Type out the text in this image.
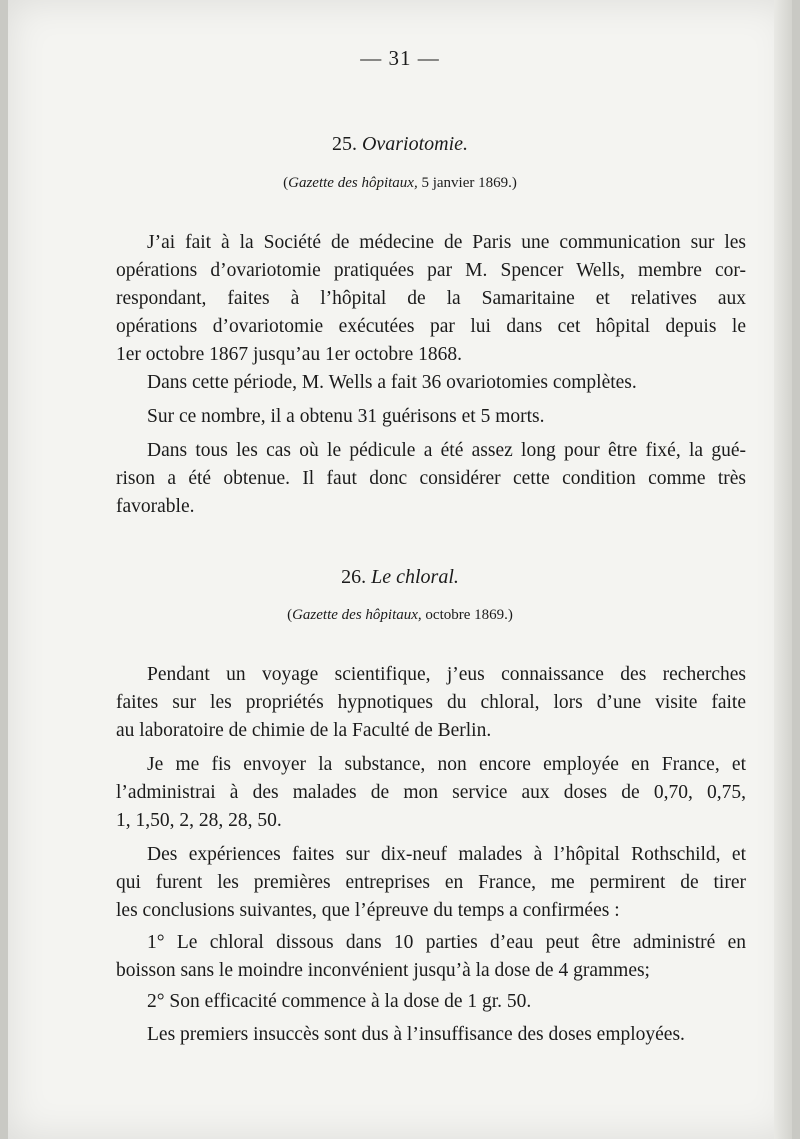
— 31 —
25. Ovariotomie.
(Gazette des hôpitaux, 5 janvier 1869.)
J’ai fait à la Société de médecine de Paris une communication sur les
opérations d’ovariotomie pratiquées par M. Spencer Wells, membre cor-
respondant, faites à l’hôpital de la Samaritaine et relatives aux
opérations d’ovariotomie exécutées par lui dans cet hôpital depuis le
1er octobre 1867 jusqu’au 1er octobre 1868.
Dans cette période, M. Wells a fait 36 ovariotomies complètes.
Sur ce nombre, il a obtenu 31 guérisons et 5 morts.
Dans tous les cas où le pédicule a été assez long pour être fixé, la gué-
rison a été obtenue. Il faut donc considérer cette condition comme très
favorable.
26. Le chloral.
(Gazette des hôpitaux, octobre 1869.)
Pendant un voyage scientifique, j’eus connaissance des recherches
faites sur les propriétés hypnotiques du chloral, lors d’une visite faite
au laboratoire de chimie de la Faculté de Berlin.
Je me fis envoyer la substance, non encore employée en France, et
l’administrai à des malades de mon service aux doses de 0,70, 0,75,
1, 1,50, 2, 28, 28, 50.
Des expériences faites sur dix-neuf malades à l’hôpital Rothschild, et
qui furent les premières entreprises en France, me permirent de tirer
les conclusions suivantes, que l’épreuve du temps a confirmées :
1° Le chloral dissous dans 10 parties d’eau peut être administré en
boisson sans le moindre inconvénient jusqu’à la dose de 4 grammes;
2° Son efficacité commence à la dose de 1 gr. 50.
Les premiers insuccès sont dus à l’insuffisance des doses employées.
